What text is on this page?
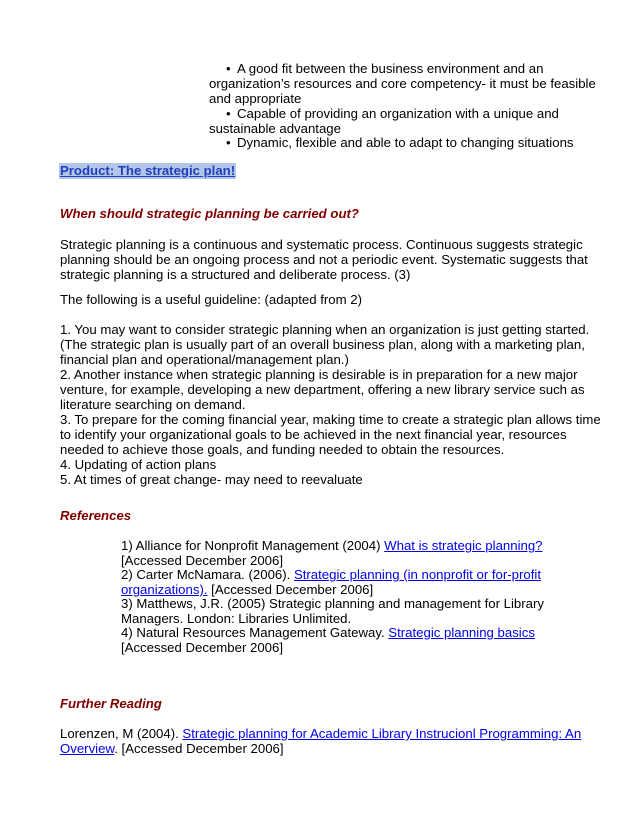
• A good fit between the business environment and an
organization’s resources and core competency- it must be feasible
and appropriate
• Capable of providing an organization with a unique and
sustainable advantage
• Dynamic, flexible and able to adapt to changing situations
Product: The strategic plan!
When should strategic planning be carried out?
Strategic planning is a continuous and systematic process. Continuous suggests strategic
planning should be an ongoing process and not a periodic event. Systematic suggests that
strategic planning is a structured and deliberate process. (3)
The following is a useful guideline: (adapted from 2)
1. You may want to consider strategic planning when an organization is just getting started.
(The strategic plan is usually part of an overall business plan, along with a marketing plan,
financial plan and operational/management plan.)
2. Another instance when strategic planning is desirable is in preparation for a new major
venture, for example, developing a new department, offering a new library service such as
literature searching on demand.
3. To prepare for the coming financial year, making time to create a strategic plan allows time
to identify your organizational goals to be achieved in the next financial year, resources
needed to achieve those goals, and funding needed to obtain the resources.
4. Updating of action plans
5. At times of great change- may need to reevaluate
References
1) Alliance for Nonprofit Management (2004) What is strategic planning?
[Accessed December 2006]
2) Carter McNamara. (2006). Strategic planning (in nonprofit or for-profit
organizations). [Accessed December 2006]
3) Matthews, J.R. (2005) Strategic planning and management for Library
Managers. London: Libraries Unlimited.
4) Natural Resources Management Gateway. Strategic planning basics
[Accessed December 2006]
Further Reading
Lorenzen, M (2004). Strategic planning for Academic Library Instrucionl Programming: An
Overview. [Accessed December 2006]
